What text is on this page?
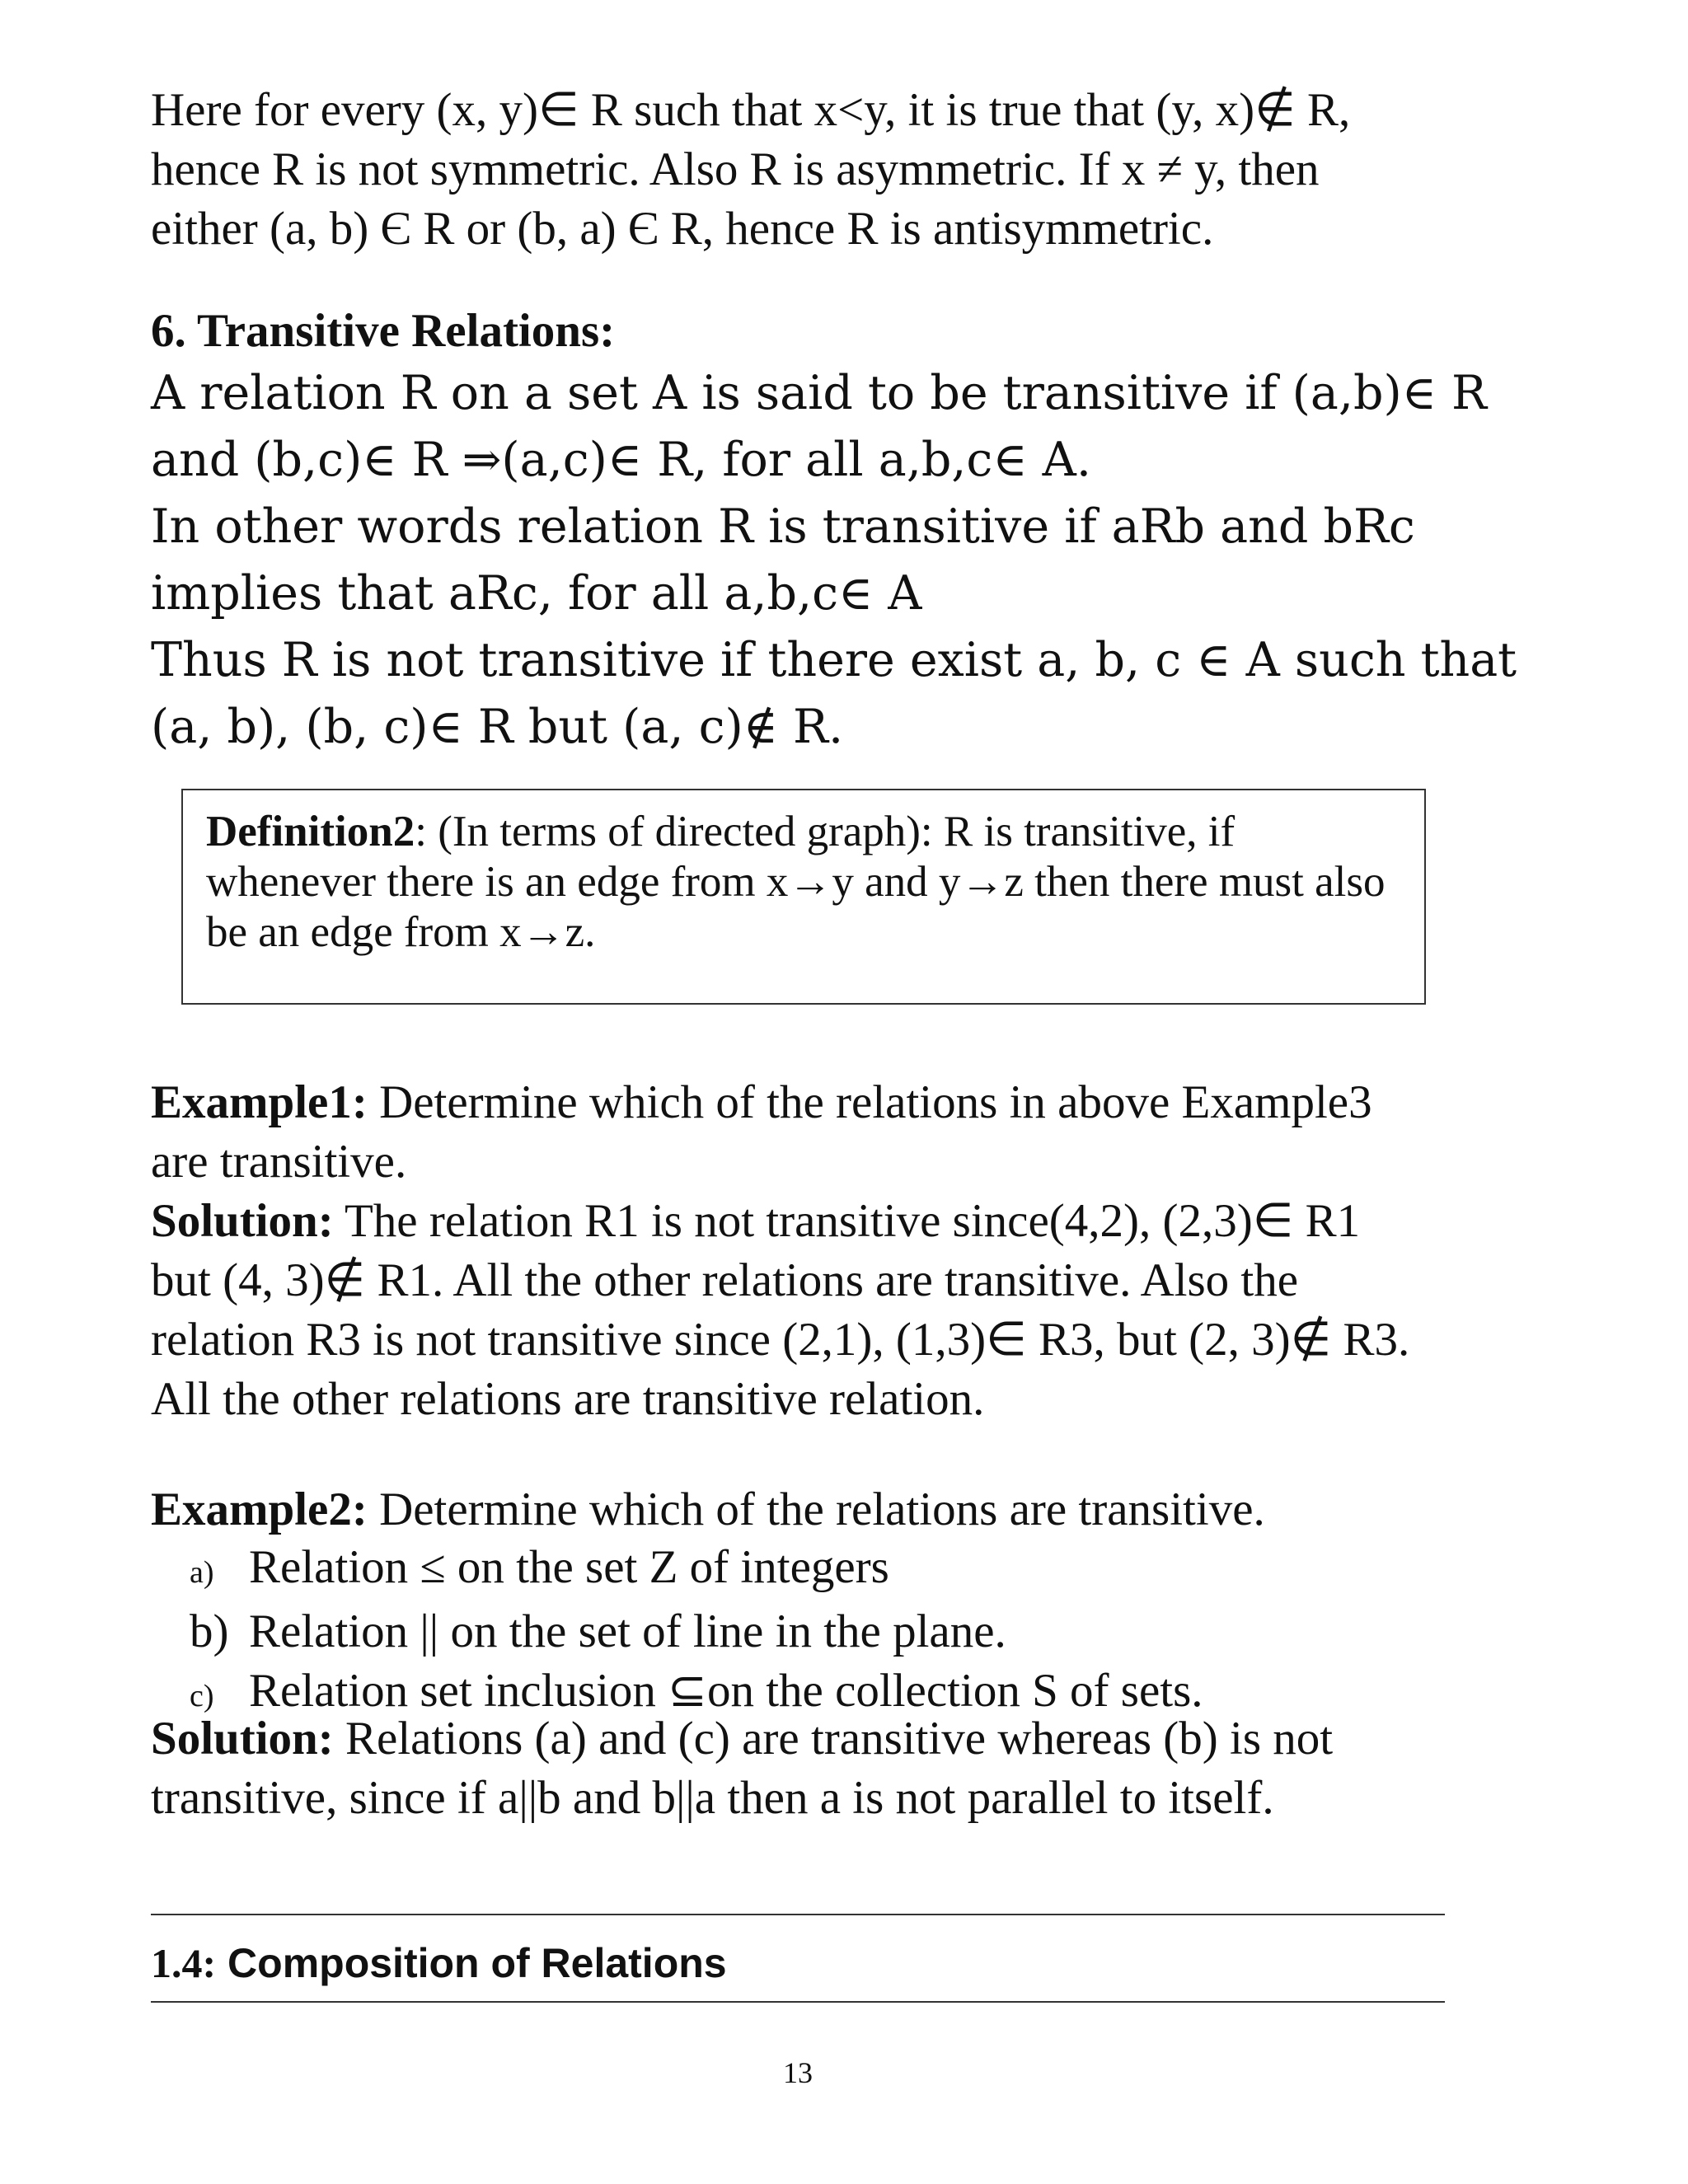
Here for every (x, y)∈ R such that x<y, it is true that (y, x)∉ R,
hence R is not symmetric. Also R is asymmetric. If x ≠ y, then
either (a, b) Є R or (b, a) Є R, hence R is antisymmetric.

6. Transitive Relations:

A relation R on a set A is said to be transitive if (a,b)∈ R
and (b,c)∈ R ⇒(a,c)∈ R, for all a,b,c∈ A.
In other words relation R is transitive if aRb and bRc
implies that aRc, for all a,b,c∈ A
Thus R is not transitive if there exist a, b, c ∈ A such that
(a, b), (b, c)∈ R but (a, c)∉ R.

Definition2: (In terms of directed graph): R is transitive, if
whenever there is an edge from x→y and y→z then there must also
be an edge from x→z.

Example1: Determine which of the relations in above Example3
are transitive.
Solution: The relation R1 is not transitive since(4,2), (2,3)∈ R1
but (4, 3)∉ R1. All the other relations are transitive. Also the
relation R3 is not transitive since (2,1), (1,3)∈ R3, but (2, 3)∉ R3.
All the other relations are transitive relation.

Example2: Determine which of the relations are transitive.

a) Relation ≤ on the set Z of integers
b) Relation || on the set of line in the plane.
c) Relation set inclusion ⊆on the collection S of sets.

Solution: Relations (a) and (c) are transitive whereas (b) is not
transitive, since if a||b and b||a then a is not parallel to itself.

1.4: Composition of Relations
13
